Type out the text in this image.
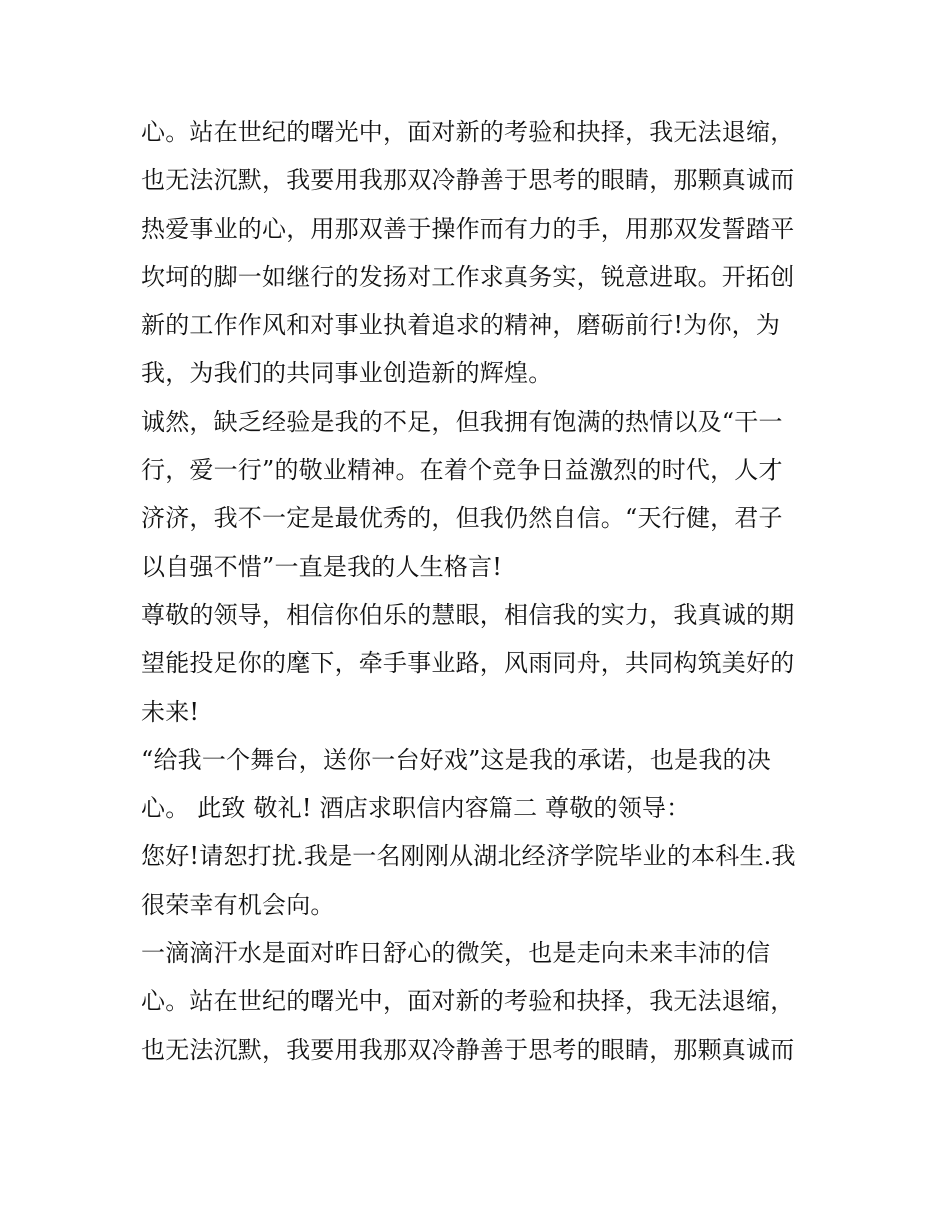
心。站在世纪的曙光中，面对新的考验和抉择，我无法退缩，
也无法沉默，我要用我那双冷静善于思考的眼睛，那颗真诚而
热爱事业的心，用那双善于操作而有力的手，用那双发誓踏平
坎坷的脚一如继行的发扬对工作求真务实，锐意进取。开拓创
新的工作作风和对事业执着追求的精神，磨砺前行!为你，为
我，为我们的共同事业创造新的辉煌。

诚然，缺乏经验是我的不足，但我拥有饱满的热情以及“干一
行，爱一行”的敬业精神。在着个竞争日益激烈的时代，人才
济济，我不一定是最优秀的，但我仍然自信。“天行健，君子
以自强不惜”一直是我的人生格言!

尊敬的领导，相信你伯乐的慧眼，相信我的实力，我真诚的期
望能投足你的麾下，牵手事业路，风雨同舟，共同构筑美好的
未来!

“给我一个舞台，送你一台好戏”这是我的承诺，也是我的决
心。 此致 敬礼! 酒店求职信内容篇二 尊敬的领导：

您好!请恕打扰.我是一名刚刚从湖北经济学院毕业的本科生.我
很荣幸有机会向。

一滴滴汗水是面对昨日舒心的微笑，也是走向未来丰沛的信
心。站在世纪的曙光中，面对新的考验和抉择，我无法退缩，
也无法沉默，我要用我那双冷静善于思考的眼睛，那颗真诚而
